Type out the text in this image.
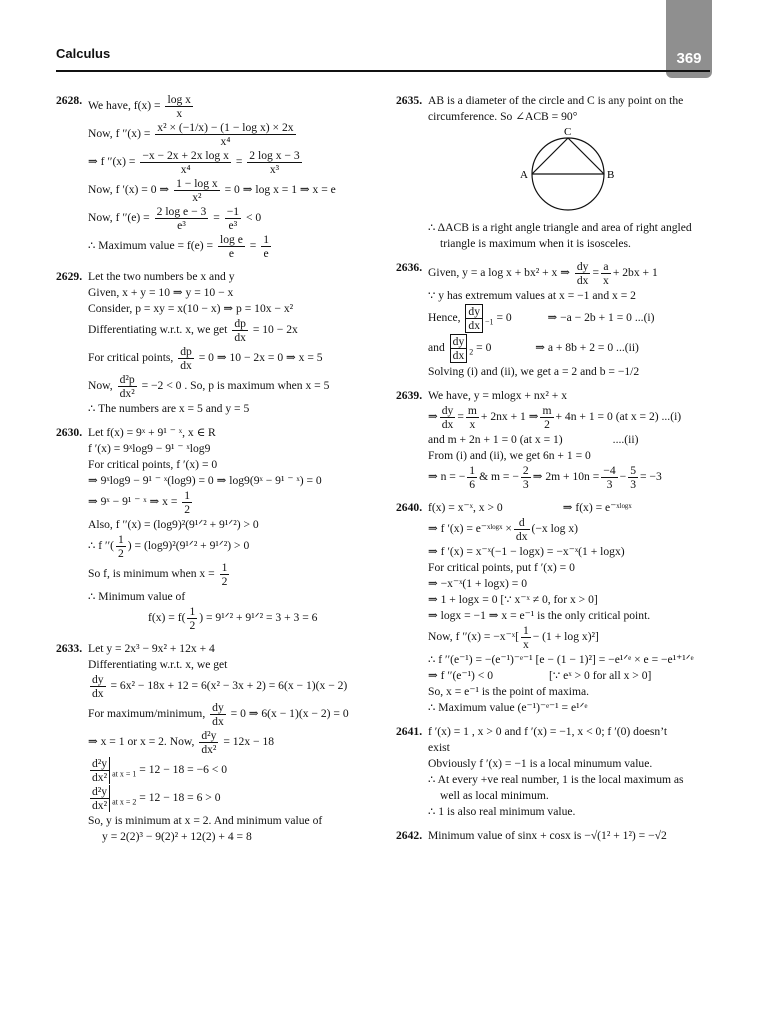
369
Calculus
2628. We have, $f(x) = \frac{\text{log x}}{x}$
Now, f $''(x) = \frac{\text{x² × (−1/x) − (1 − log x) × 2x}}{\text{x⁴}}$
⇒ f $''(x) = \frac{\text{−x − 2x + 2x log x}}{\text{x⁴}} = \frac{\text{2 log x − 3}}{\text{x³}}$
Now, f ′(x) = 0 ⇒ $\frac{\text{1 − log x}}{\text{x²}} = 0$ ⇒ log x = 1 ⇒ x = e
Now, f $''(e) = \frac{\text{2 log e − 3}}{\text{e³}} = \frac{-1}{\text{e³}} < 0$
∴ Maximum value = $f(e) = \frac{\text{log e}}{e} = \frac{1}{e}$
2629. Let the two numbers be x and y
Given, x + y = 10 ⇒ y = 10 − x
Consider, p = xy = x(10 − x) ⇒ p = 10x − x²
Differentiating w.r.t. x, we get $\frac{dp}{dx} = 10 - 2x$
For critical points, $\frac{dp}{dx} = 0$ ⇒ 10 − 2x = 0 ⇒ x = 5
Now, $\frac{\text{d²p}}{\text{dx²}} = -2 < 0$ . So, p is maximum when x = 5
∴ The numbers are x = 5 and y = 5
2630. Let f(x) = 9ˣ + 9¹ ⁻ ˣ, x ∈ R
f ′(x) = 9ˣlog9 − 9¹ ⁻ ˣlog9
For critical points, f ′(x) = 0
⇒ 9ˣlog9 − 9¹ ⁻ ˣ(log9) = 0 ⇒ log9(9ˣ − 9¹ ⁻ ˣ) = 0
⇒ 9ˣ − 9¹ ⁻ ˣ ⇒ $x = \frac{1}{2}$
Also, f ′′(x) = (log9)²(9¹ᐟ² + 9¹ᐟ²) > 0
∴ f ′′( $\frac{1}{2}$ ) = (log9)²(9¹ᐟ² + 9¹ᐟ²) > 0
So f, is minimum when $x = \frac{1}{2}$
∴ Minimum value of
$f(x) = f( \frac{1}{2}$ ) = 9¹ᐟ² + 9¹ᐟ² = 3 + 3 = 6
2633. Let y = 2x³ − 9x² + 12x + 4
Differentiating w.r.t. x, we get
$\frac{dy}{dx} = 6x^2 - 18x + 12 = 6(x^2 - 3x + 2) = 6(x - 1)(x - 2)$
For maximum/minimum, $\frac{dy}{dx} = 0$ ⇒ 6(x − 1)(x − 2) = 0
⇒ x = 1 or x = 2. Now, $\frac{\text{d²y}}{\text{dx²}} = 12x - 18$
$\frac{\text{d²y}}{\text{dx²}} _{at x = 1} = 12 - 18 = -6 < 0$
$\frac{\text{d²y}}{\text{dx²}} _{at x = 2} = 12 - 18 = 6 > 0$
So, y is minimum at x = 2. And minimum value of
y = 2(2)³ − 9(2)² + 12(2) + 4 = 8
2635. AB is a diameter of the circle and C is any point on the
circumference. So ∠ACB = 90°
A	B
C
∴ ΔACB is a right angle triangle and area of right angled
triangle is maximum when it is isosceles.
2636. Given, y = a log x + bx² + x ⇒ $\frac{dy}{dx} = \frac{a}{x} + 2bx + 1$
∵ y has extremum values at x = −1 and x = 2
Hence, $\frac{dy}{dx} _{-1} = 0$	⇒ −a − 2b + 1 = 0 ...(i)
and $\frac{dy}{dx} _2 = 0$	⇒ a + 8b + 2 = 0 ...(ii)
Solving (i) and (ii), we get a = 2 and b = −1/2
2639. We have, y = mlogx + nx² + x
⇒ $\frac{dy}{dx} = \frac{m}{x} + 2nx + 1$ ⇒ $\frac{m}{2} + 4n + 1 = 0$ (at x = 2) ...(i)
and m + 2n + 1 = 0 (at x = 1)	....(ii)
From (i) and (ii), we get 6n + 1 = 0
⇒ n = − $\frac{1}{6}$ & m = − $\frac{2}{3}$ ⇒ $2m + 10n = \frac{-4}{3} - \frac{5}{3} = -3$
2640. f(x) = x⁻ˣ, x > 0	⇒ f(x) = e⁻ˣˡᵒᵍˣ
⇒ f ′(x) = e⁻ˣˡᵒᵍˣ × $\frac{d}{dx} (-x$ log x)
⇒ f ′(x) = x⁻ˣ(−1 − logx) = −x⁻ˣ(1 + logx)
For critical points, put f ′(x) = 0
⇒ −x⁻ˣ(1 + logx) = 0
⇒ 1 + logx = 0 [∵ x⁻ˣ ≠ 0, for x > 0]
⇒ logx = −1 ⇒ x = e⁻¹ is the only critical point.
Now, f ′′(x) = −x⁻ˣ[ $\frac{1}{x} - (1 + \log x)^2$]
∴ f ′′(e⁻¹) = −(e⁻¹)⁻ᵉ⁻¹ [e − (1 − 1)²] = −e¹ᐟᵉ × e = −e¹⁺¹ᐟᵉ
⇒ f ′′(e⁻¹) < 0	[∵ eˣ > 0 for all x > 0]
So, x = e⁻¹ is the point of maxima.
∴ Maximum value (e⁻¹)⁻ᵉ⁻¹ = e¹ᐟᵉ
2641. f ′(x) = 1 , x > 0 and f ′(x) = −1, x < 0; f ′(0) doesn’t
exist
Obviously f ′(x) = −1 is a local minumum value.
∴ At every +ve real number, 1 is the local maximum as
well as local minimum.
∴ 1 is also real minimum value.
2642. Minimum value of sinx + cosx is −√(1² + 1²) = −√2
